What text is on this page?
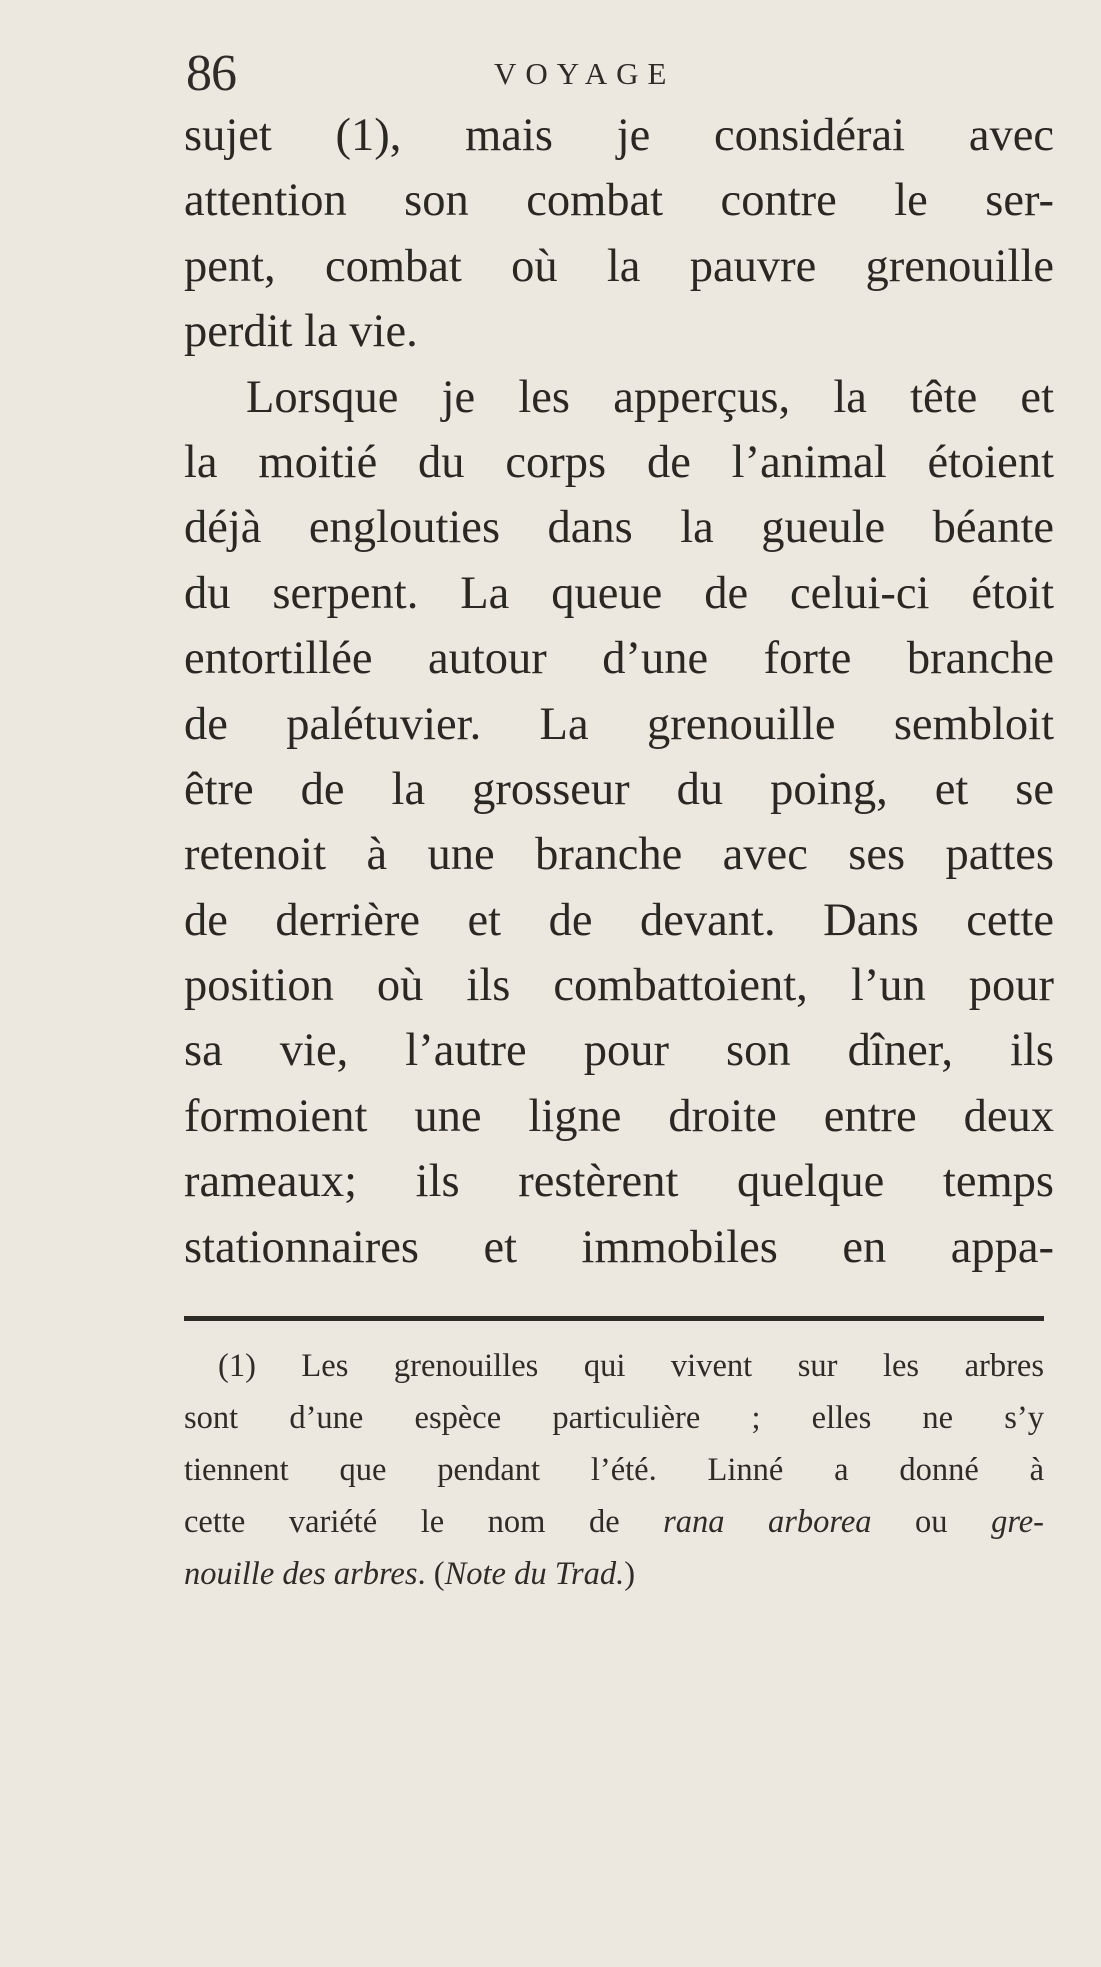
86	VOYAGE
sujet (1), mais je considérai avec
attention son combat contre le ser-
pent, combat où la pauvre grenouille
perdit la vie.
Lorsque je les apperçus, la tête et
la moitié du corps de l’animal étoient
déjà englouties dans la gueule béante
du serpent. La queue de celui-ci étoit
entortillée autour d’une forte branche
de palétuvier. La grenouille sembloit
être de la grosseur du poing, et se
retenoit à une branche avec ses pattes
de derrière et de devant. Dans cette
position où ils combattoient, l’un pour
sa vie, l’autre pour son dîner, ils
formoient une ligne droite entre deux
rameaux; ils restèrent quelque temps
stationnaires et immobiles en appa-
(1) Les grenouilles qui vivent sur les arbres
sont d’une espèce particulière ; elles ne s’y
tiennent que pendant l’été. Linné a donné à
cette variété le nom de rana arborea ou gre-
nouille des arbres. (Note du Trad.)
